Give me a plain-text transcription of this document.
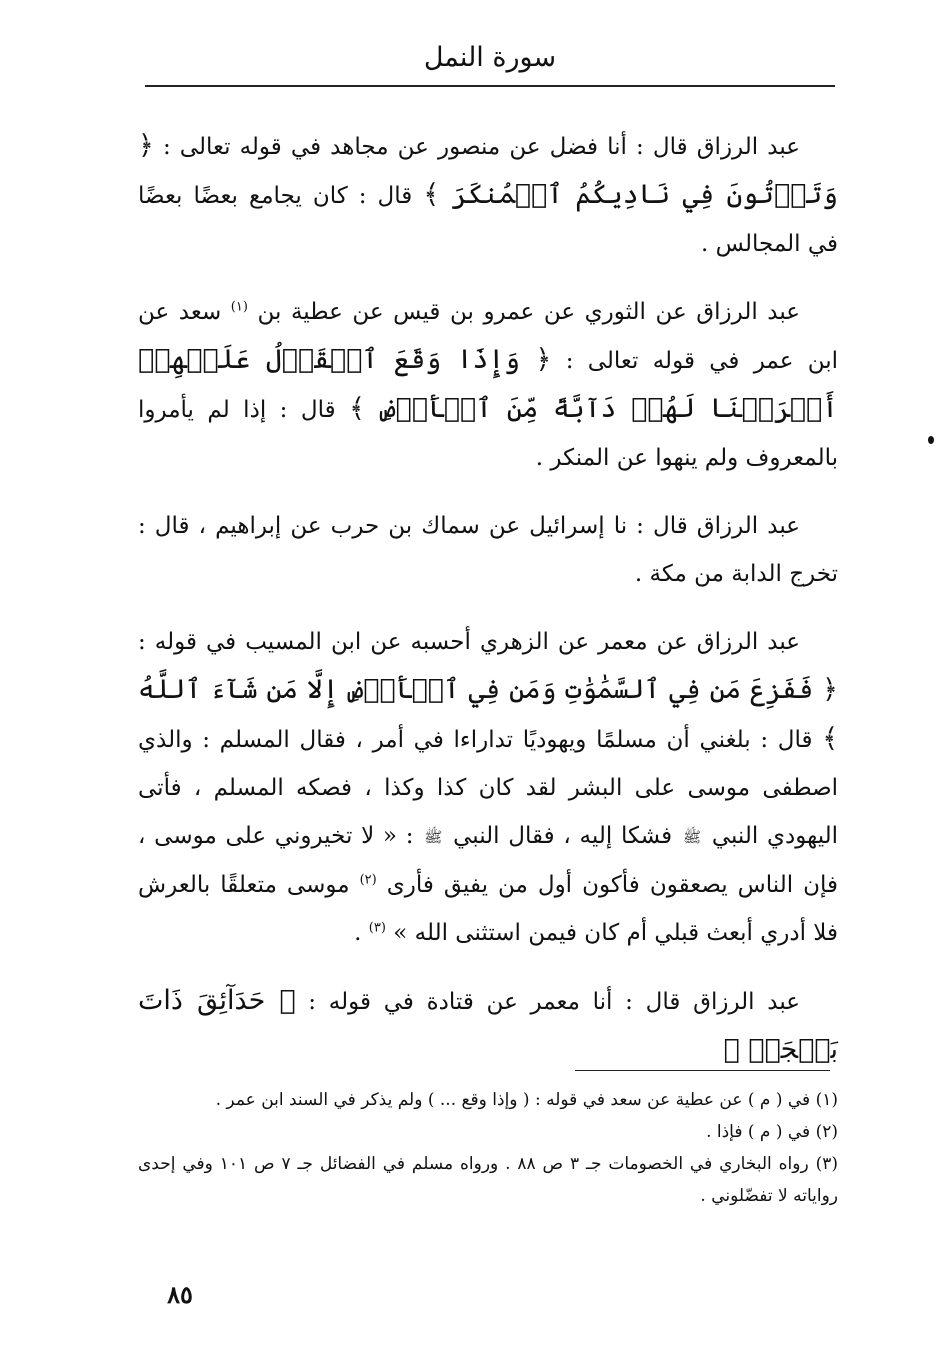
سورة النمل

عبد الرزاق قال : أنا فضل عن منصور عن مجاهد في قوله تعالى : ﴿ وَتَأۡتُونَ فِي نَادِيكُمُ ٱلۡمُنكَرَ ﴾ قال : كان يجامع بعضًا بعضًا في المجالس .

عبد الرزاق عن الثوري عن عمرو بن قيس عن عطية بن $^{(١)}$ سعد عن ابن عمر في قوله تعالى : ﴿ وَإِذَا وَقَعَ ٱلۡقَوۡلُ عَلَيۡهِمۡ أَخۡرَجۡنَا لَهُمۡ دَآبَّةً مِّنَ ٱلۡأَرۡضِ ﴾ قال : إذا لم يأمروا بالمعروف ولم ينهوا عن المنكر .

عبد الرزاق قال : نا إسرائيل عن سماك بن حرب عن إبراهيم ، قال : تخرج الدابة من مكة .

عبد الرزاق عن معمر عن الزهري أحسبه عن ابن المسيب في قوله : ﴿ فَفَزِعَ مَن فِي ٱلسَّمَٰوَٰتِ وَمَن فِي ٱلۡأَرۡضِ إِلَّا مَن شَآءَ ٱللَّهُ ﴾ قال : بلغني أن مسلمًا ويهوديًا تداراءا في أمر ، فقال المسلم : والذي اصطفى موسى على البشر لقد كان كذا وكذا ، فصكه المسلم ، فأتى اليهودي النبي ﷺ فشكا إليه ، فقال النبي ﷺ : « لا تخيروني على موسى ، فإن الناس يصعقون فأكون أول من يفيق فأرى $^{(٢)}$ موسى متعلقًا بالعرش فلا أدري أبعث قبلي أم كان فيمن استثنى الله » $^{(٣)}$ .

عبد الرزاق قال : أنا معمر عن قتادة في قوله : ﴿ حَدَآئِقَ ذَاتَ بَهۡجَةٖ ﴾

(١) في ( م ) عن عطية عن سعد في قوله : ( وإذا وقع ... ) ولم يذكر في السند ابن عمر .

(٢) في ( م ) فإذا .

(٣) رواه البخاري في الخصومات جـ ٣ ص ٨٨ . ورواه مسلم في الفضائل جـ ٧ ص ١٠١ وفي إحدى رواياته لا تفضّلوني .

٨٥
